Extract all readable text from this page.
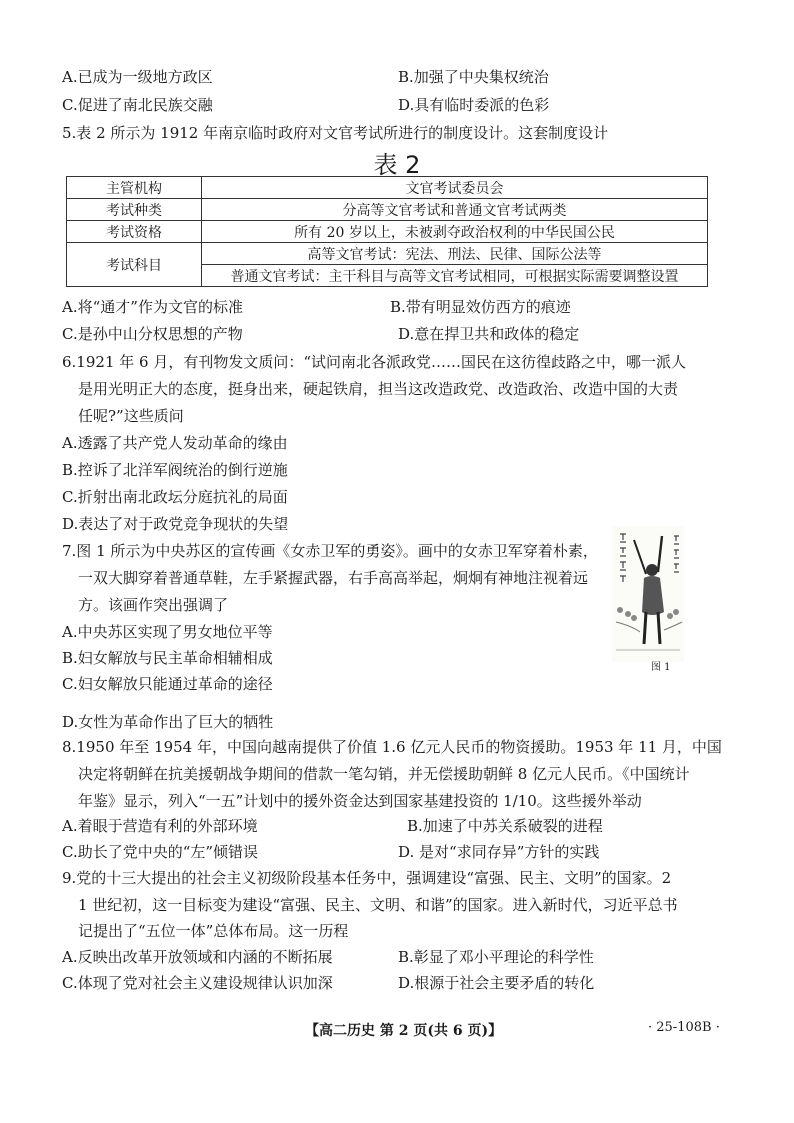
A.已成为一级地方政区	B.加强了中央集权统治
C.促进了南北民族交融	D.具有临时委派的色彩
5.表 2 所示为 1912 年南京临时政府对文官考试所进行的制度设计。这套制度设计
表 2
主管机构	文官考试委员会
考试种类	分高等文官考试和普通文官考试两类
考试资格	所有 20 岁以上，未被剥夺政治权利的中华民国公民
考试科目	高等文官考试：宪法、刑法、民律、国际公法等
	普通文官考试：主干科目与高等文官考试相同，可根据实际需要调整设置
A.将“通才”作为文官的标准	B.带有明显效仿西方的痕迹
C.是孙中山分权思想的产物	D.意在捍卫共和政体的稳定
6.1921 年 6 月，有刊物发文质问：“试问南北各派政党……国民在这彷徨歧路之中，哪一派人
是用光明正大的态度，挺身出来，硬起铁肩，担当这改造政党、改造政治、改造中国的大责
任呢?”这些质问
A.透露了共产党人发动革命的缘由
B.控诉了北洋军阀统治的倒行逆施
C.折射出南北政坛分庭抗礼的局面
D.表达了对于政党竞争现状的失望
7.图 1 所示为中央苏区的宣传画《女赤卫军的勇姿》。画中的女赤卫军穿着朴素，
一双大脚穿着普通草鞋，左手紧握武器，右手高高举起，炯炯有神地注视着远
方。该画作突出强调了
A.中央苏区实现了男女地位平等
B.妇女解放与民主革命相辅相成
C.妇女解放只能通过革命的途径
D.女性为革命作出了巨大的牺牲
图 1
8.1950 年至 1954 年，中国向越南提供了价值 1.6 亿元人民币的物资援助。1953 年 11 月，中国
决定将朝鲜在抗美援朝战争期间的借款一笔勾销，并无偿援助朝鲜 8 亿元人民币。《中国统计
年鉴》显示，列入“一五”计划中的援外资金达到国家基建投资的 1/10。这些援外举动
A.着眼于营造有利的外部环境	B.加速了中苏关系破裂的进程
C.助长了党中央的“左”倾错误	D. 是对“求同存异”方针的实践
9.党的十三大提出的社会主义初级阶段基本任务中，强调建设“富强、民主、文明”的国家。2
1 世纪初，这一目标变为建设“富强、民主、文明、和谐”的国家。进入新时代，习近平总书
记提出了“五位一体”总体布局。这一历程
A.反映出改革开放领域和内涵的不断拓展	B.彰显了邓小平理论的科学性
C.体现了党对社会主义建设规律认识加深	D.根源于社会主要矛盾的转化
【高二历史 第 2 页(共 6 页)】	· 25-108B ·
